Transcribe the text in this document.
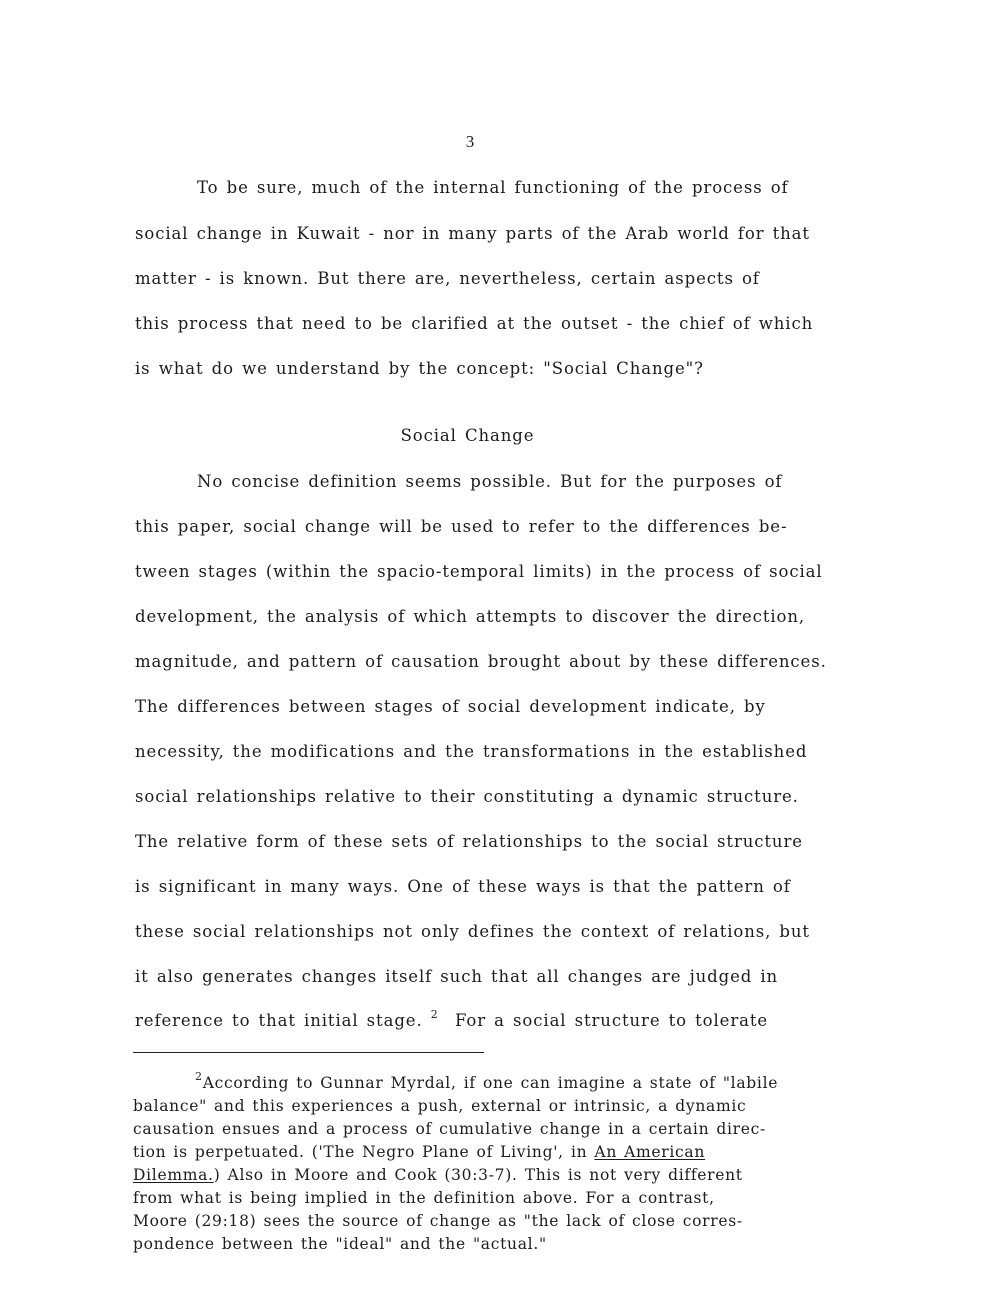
3
To be sure, much of the internal functioning of the process of
social change in Kuwait - nor in many parts of the Arab world for that
matter - is known. But there are, nevertheless, certain aspects of
this process that need to be clarified at the outset - the chief of which
is what do we understand by the concept: "Social Change"?
Social Change
No concise definition seems possible. But for the purposes of
this paper, social change will be used to refer to the differences be-
tween stages (within the spacio-temporal limits) in the process of social
development, the analysis of which attempts to discover the direction,
magnitude, and pattern of causation brought about by these differences.
The differences between stages of social development indicate, by
necessity, the modifications and the transformations in the established
social relationships relative to their constituting a dynamic structure.
The relative form of these sets of relationships to the social structure
is significant in many ways. One of these ways is that the pattern of
these social relationships not only defines the context of relations, but
it also generates changes itself such that all changes are judged in
reference to that initial stage. $^2$ For a social structure to tolerate
$^2$According to Gunnar Myrdal, if one can imagine a state of "labile
balance" and this experiences a push, external or intrinsic, a dynamic
causation ensues and a process of cumulative change in a certain direc-
tion is perpetuated. ('The Negro Plane of Living', in An American
Dilemma.) Also in Moore and Cook (30:3-7). This is not very different
from what is being implied in the definition above. For a contrast,
Moore (29:18) sees the source of change as "the lack of close corres-
pondence between the "ideal" and the "actual."
